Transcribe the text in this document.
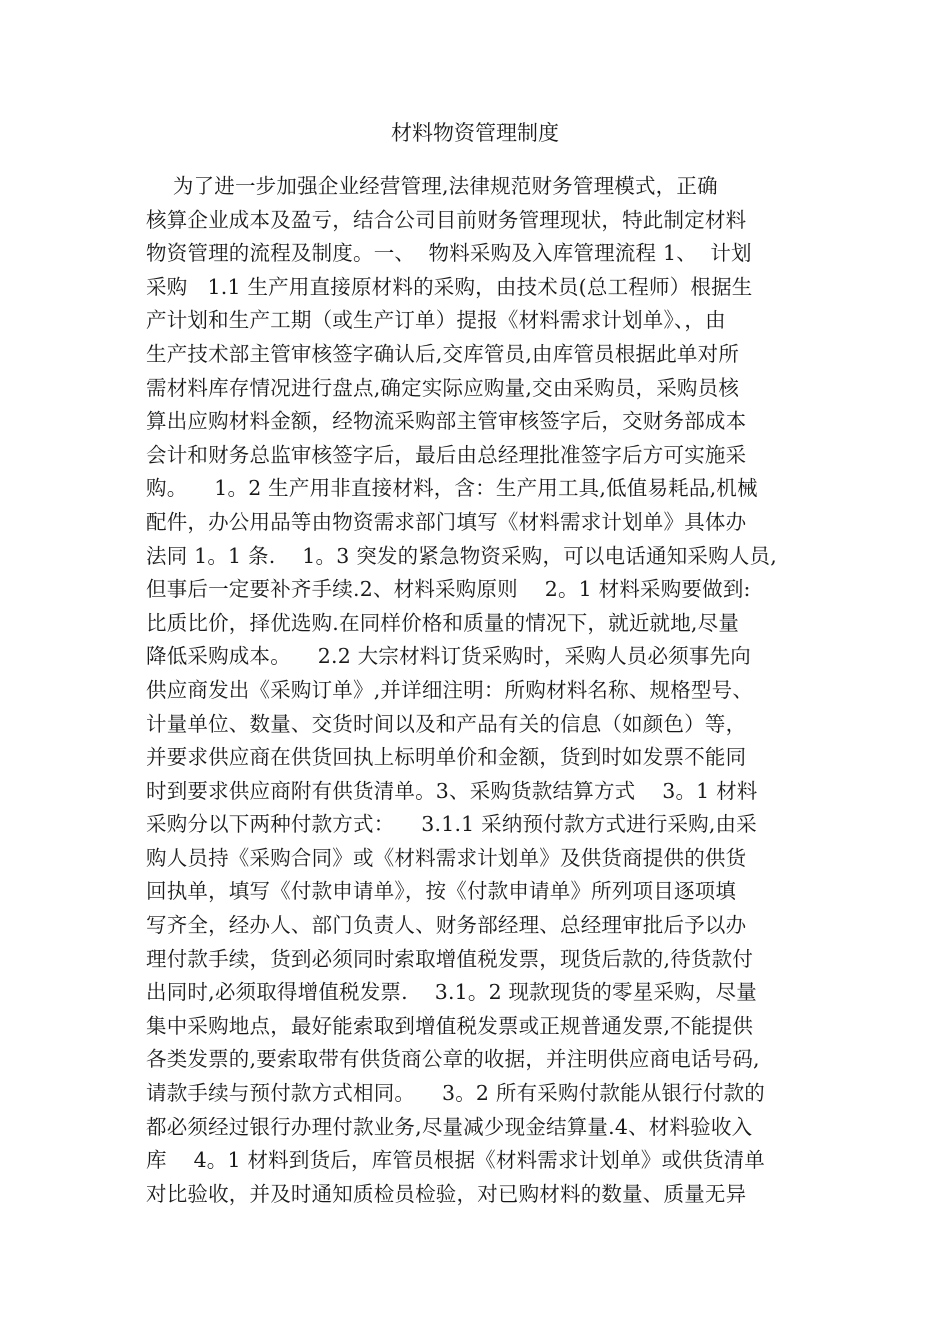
材料物资管理制度
为了进一步加强企业经营管理,法律规范财务管理模式，正确
核算企业成本及盈亏，结合公司目前财务管理现状，特此制定材料
物资管理的流程及制度。一、  物料采购及入库管理流程 1、  计划
采购   1.1 生产用直接原材料的采购，由技术员(总工程师）根据生
产计划和生产工期（或生产订单）提报《材料需求计划单》、，由
生产技术部主管审核签字确认后,交库管员,由库管员根据此单对所
需材料库存情况进行盘点,确定实际应购量,交由采购员，采购员核
算出应购材料金额，经物流采购部主管审核签字后，交财务部成本
会计和财务总监审核签字后，最后由总经理批准签字后方可实施采
购。    1。2 生产用非直接材料，含：生产用工具,低值易耗品,机械
配件，办公用品等由物资需求部门填写《材料需求计划单》具体办
法同 1。1 条.    1。3 突发的紧急物资采购，可以电话通知采购人员,
但事后一定要补齐手续.2、材料采购原则    2。1 材料采购要做到:
比质比价，择优选购.在同样价格和质量的情况下，就近就地,尽量
降低采购成本。    2.2 大宗材料订货采购时，采购人员必须事先向
供应商发出《采购订单》,并详细注明：所购材料名称、规格型号、
计量单位、数量、交货时间以及和产品有关的信息（如颜色）等，
并要求供应商在供货回执上标明单价和金额，货到时如发票不能同
时到要求供应商附有供货清单。3、采购货款结算方式    3。1 材料
采购分以下两种付款方式：    3.1.1 采纳预付款方式进行采购,由采
购人员持《采购合同》或《材料需求计划单》及供货商提供的供货
回执单，填写《付款申请单》，按《付款申请单》所列项目逐项填
写齐全，经办人、部门负责人、财务部经理、总经理审批后予以办
理付款手续，货到必须同时索取增值税发票，现货后款的,待货款付
出同时,必须取得增值税发票.    3.1。2 现款现货的零星采购，尽量
集中采购地点，最好能索取到增值税发票或正规普通发票,不能提供
各类发票的,要索取带有供货商公章的收据，并注明供应商电话号码,
请款手续与预付款方式相同。    3。2 所有采购付款能从银行付款的
都必须经过银行办理付款业务,尽量减少现金结算量.4、材料验收入
库    4。1 材料到货后，库管员根据《材料需求计划单》或供货清单
对比验收，并及时通知质检员检验，对已购材料的数量、质量无异
